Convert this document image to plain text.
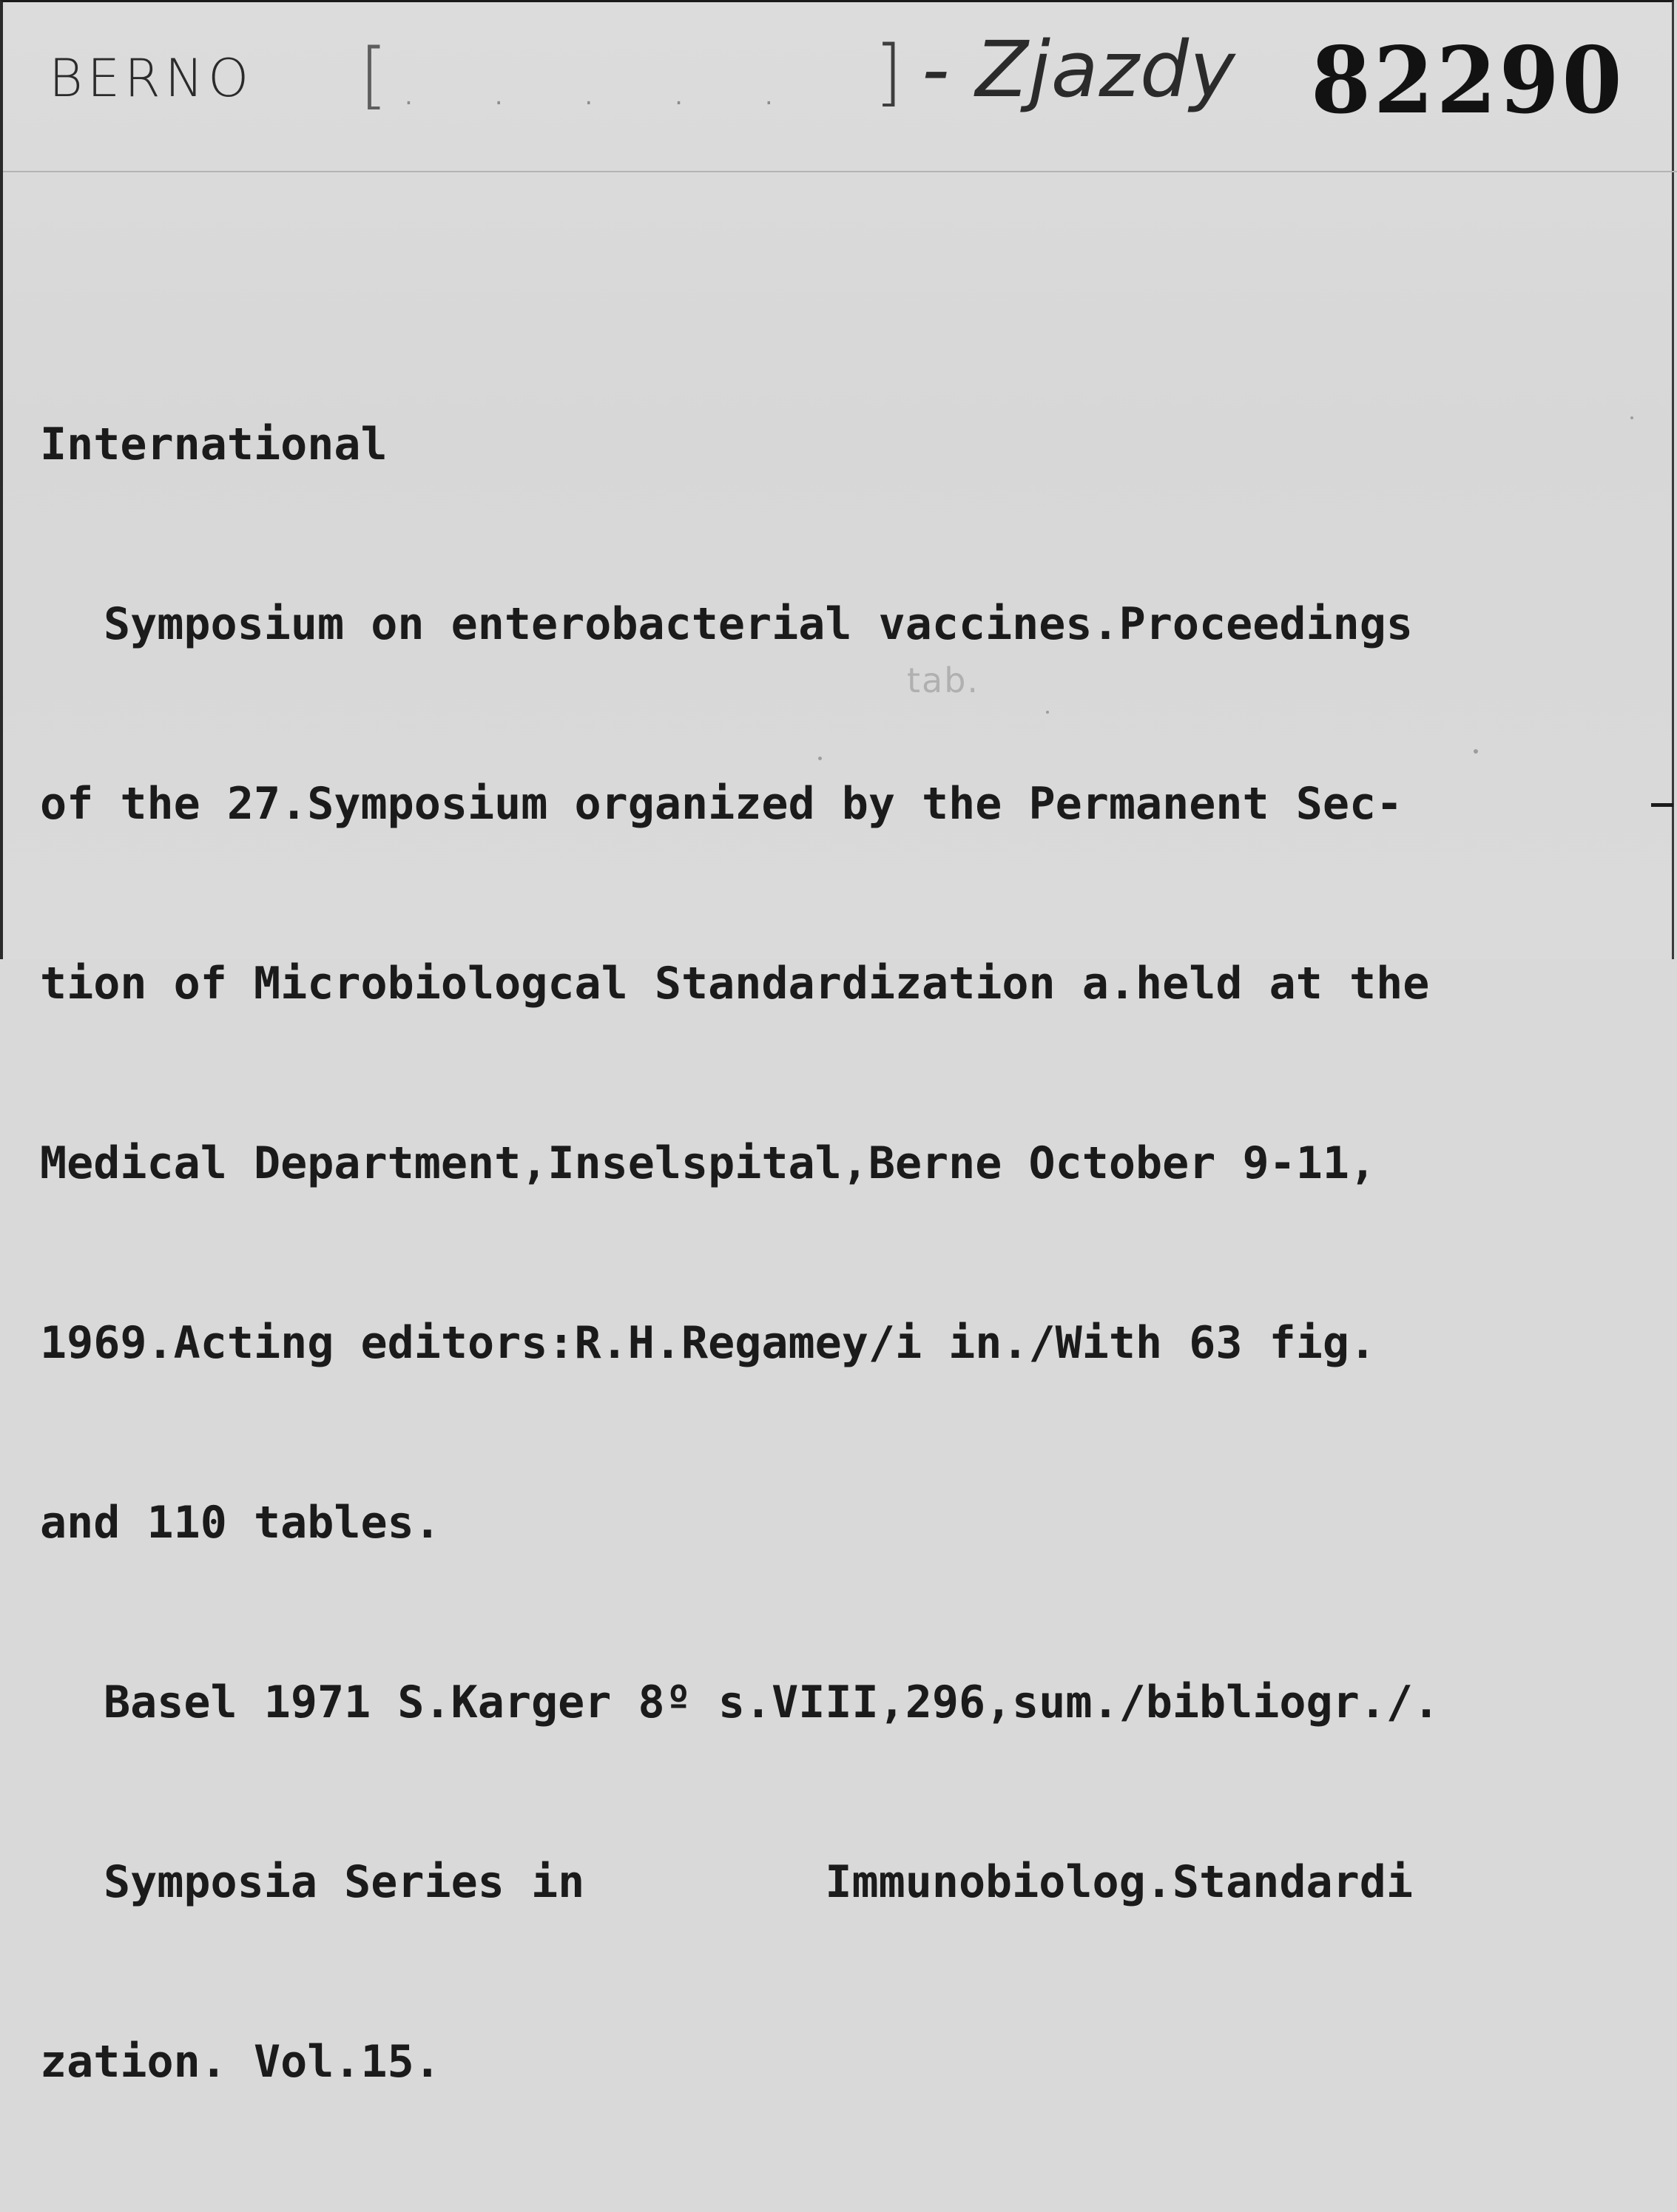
BERNO [ . . . . . ] - Zjazdy 82290
tab.

International

Symposium on enterobacterial vaccines.Proceedings

of the 27.Symposium organized by the Permanent Sec-

tion of Microbiologcal Standardization a.held at the

Medical Department,Inselspital,Berne October 9-11,

1969.Acting editors:R.H.Regamey/i in./With 63 fig.

and 110 tables.

Basel 1971 S.Karger 8º s.VIII,296,sum./bibliogr./.

Symposia Series in         Immunobiolog.Standardi

zation. Vol.15.
